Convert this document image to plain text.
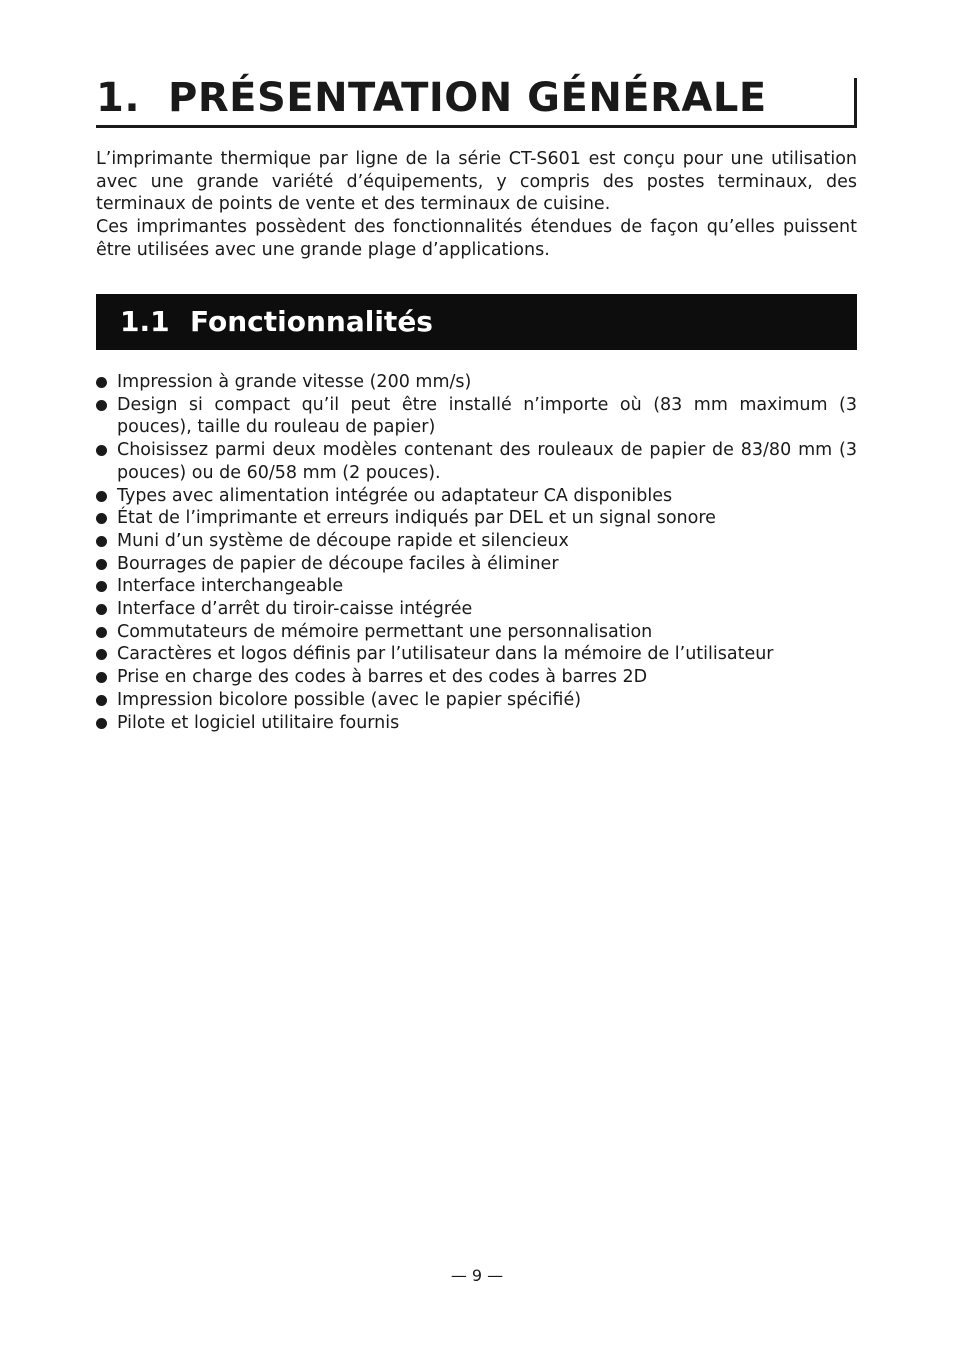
1. PRÉSENTATION GÉNÉRALE

L’imprimante thermique par ligne de la série CT-S601 est conçu pour une utilisation avec une grande variété d’équipements, y compris des postes terminaux, des terminaux de points de vente et des terminaux de cuisine.

Ces imprimantes possèdent des fonctionnalités étendues de façon qu’elles puissent être utilisées avec une grande plage d’applications.

1.1 Fonctionnalités
Impression à grande vitesse (200 mm/s)
Design si compact qu’il peut être installé n’importe où (83 mm maximum (3 pouces), taille du rouleau de papier)
Choisissez parmi deux modèles contenant des rouleaux de papier de 83/80 mm (3 pouces) ou de 60/58 mm (2 pouces).
Types avec alimentation intégrée ou adaptateur CA disponibles
État de l’imprimante et erreurs indiqués par DEL et un signal sonore
Muni d’un système de découpe rapide et silencieux
Bourrages de papier de découpe faciles à éliminer
Interface interchangeable
Interface d’arrêt du tiroir-caisse intégrée
Commutateurs de mémoire permettant une personnalisation
Caractères et logos définis par l’utilisateur dans la mémoire de l’utilisateur
Prise en charge des codes à barres et des codes à barres 2D
Impression bicolore possible (avec le papier spécifié)
Pilote et logiciel utilitaire fournis
— 9 —
